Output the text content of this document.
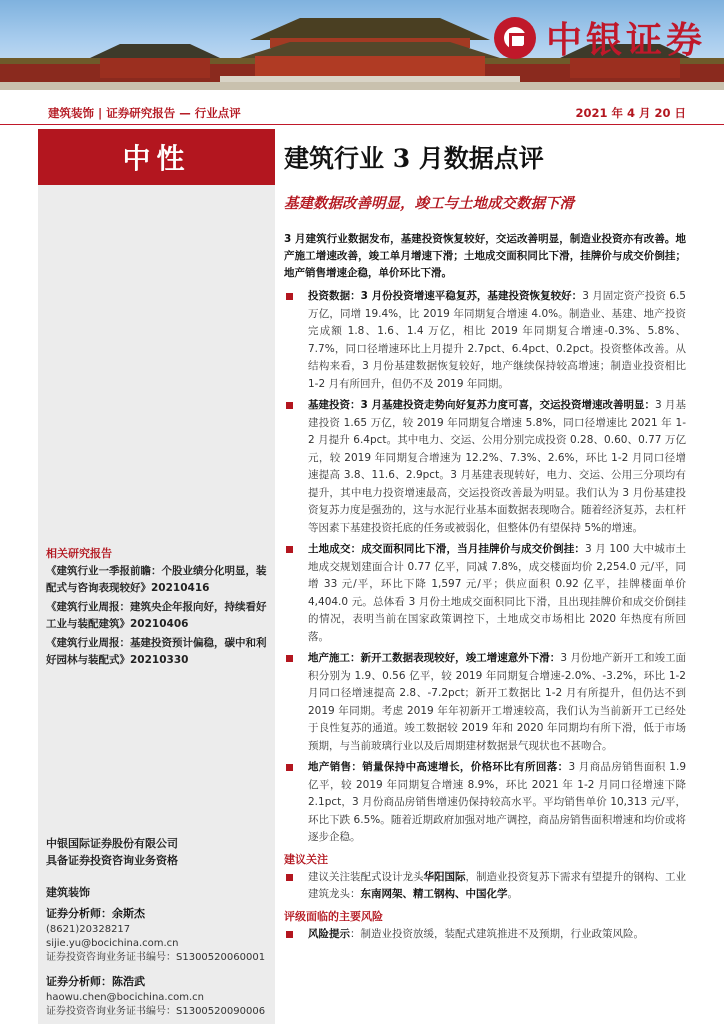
中银证券
建筑装饰 | 证券研究报告 — 行业点评	2021 年 4 月 20 日
中性
相关研究报告
《建筑行业一季报前瞻：个股业绩分化明显，装配式与咨询表现较好》20210416
《建筑行业周报：建筑央企年报向好，持续看好工业与装配建筑》20210406
《建筑行业周报：基建投资预计偏稳，碳中和利好园林与装配式》20210330
中银国际证券股份有限公司
具备证券投资咨询业务资格
建筑装饰
证券分析师：余斯杰
(8621)20328217
sijie.yu@bocichina.com.cn
证券投资咨询业务证书编号：S1300520060001
证券分析师：陈浩武
haowu.chen@bocichina.com.cn
证券投资咨询业务证书编号：S1300520090006
建筑行业 3 月数据点评
基建数据改善明显，竣工与土地成交数据下滑
3 月建筑行业数据发布，基建投资恢复较好，交运改善明显，制造业投资亦有改善。地产施工增速改善，竣工单月增速下滑；土地成交面积同比下滑，挂牌价与成交价倒挂；地产销售增速企稳，单价环比下滑。
投资数据：3 月份投资增速平稳复苏，基建投资恢复较好：3 月固定资产投资 6.5 万亿，同增 19.4%，比 2019 年同期复合增速 4.0%。制造业、基建、地产投资完成额 1.8、1.6、1.4 万亿，相比 2019 年同期复合增速-0.3%、5.8%、7.7%，同口径增速环比上月提升 2.7pct、6.4pct、0.2pct。投资整体改善。从结构来看，3 月份基建数据恢复较好，地产继续保持较高增速；制造业投资相比 1-2 月有所回升，但仍不及 2019 年同期。
基建投资：3 月基建投资走势向好复苏力度可喜，交运投资增速改善明显：3 月基建投资 1.65 万亿，较 2019 年同期复合增速 5.8%，同口径增速比 2021 年 1-2 月提升 6.4pct。其中电力、交运、公用分别完成投资 0.28、0.60、0.77 万亿元，较 2019 年同期复合增速为 12.2%、7.3%、2.6%，环比 1-2 月同口径增速提高 3.8、11.6、2.9pct。3 月基建表现转好，电力、交运、公用三分项均有提升，其中电力投资增速最高，交运投资改善最为明显。我们认为 3 月份基建投资复苏力度是强劲的，这与水泥行业基本面数据表现吻合。随着经济复苏，去杠杆等因素下基建投资托底的任务或被弱化，但整体仍有望保持 5%的增速。
土地成交：成交面积同比下滑，当月挂牌价与成交价倒挂：3 月 100 大中城市土地成交规划建面合计 0.77 亿平，同减 7.8%，成交楼面均价 2,254.0 元/平，同增 33 元/平，环比下降 1,597 元/平；供应面积 0.92 亿平，挂牌楼面单价 4,404.0 元。总体看 3 月份土地成交面积同比下滑，且出现挂牌价和成交价倒挂的情况，表明当前在国家政策调控下，土地成交市场相比 2020 年热度有所回落。
地产施工：新开工数据表现较好，竣工增速意外下滑：3 月份地产新开工和竣工面积分别为 1.9、0.56 亿平，较 2019 年同期复合增速-2.0%、-3.2%，环比 1-2 月同口径增速提高 2.8、-7.2pct；新开工数据比 1-2 月有所提升，但仍达不到 2019 年同期。考虑 2019 年年初新开工增速较高，我们认为当前新开工已经处于良性复苏的通道。竣工数据较 2019 年和 2020 年同期均有所下滑，低于市场预期，与当前玻璃行业以及后周期建材数据景气现状也不甚吻合。
地产销售：销量保持中高速增长，价格环比有所回落：3 月商品房销售面积 1.9 亿平，较 2019 年同期复合增速 8.9%，环比 2021 年 1-2 月同口径增速下降 2.1pct，3 月份商品房销售增速仍保持较高水平。平均销售单价 10,313 元/平，环比下跌 6.5%。随着近期政府加强对地产调控，商品房销售面积增速和均价或将逐步企稳。
建议关注
建议关注装配式设计龙头华阳国际，制造业投资复苏下需求有望提升的钢构、工业建筑龙头：东南网架、精工钢构、中国化学。
评级面临的主要风险
风险提示：制造业投资放缓，装配式建筑推进不及预期，行业政策风险。
